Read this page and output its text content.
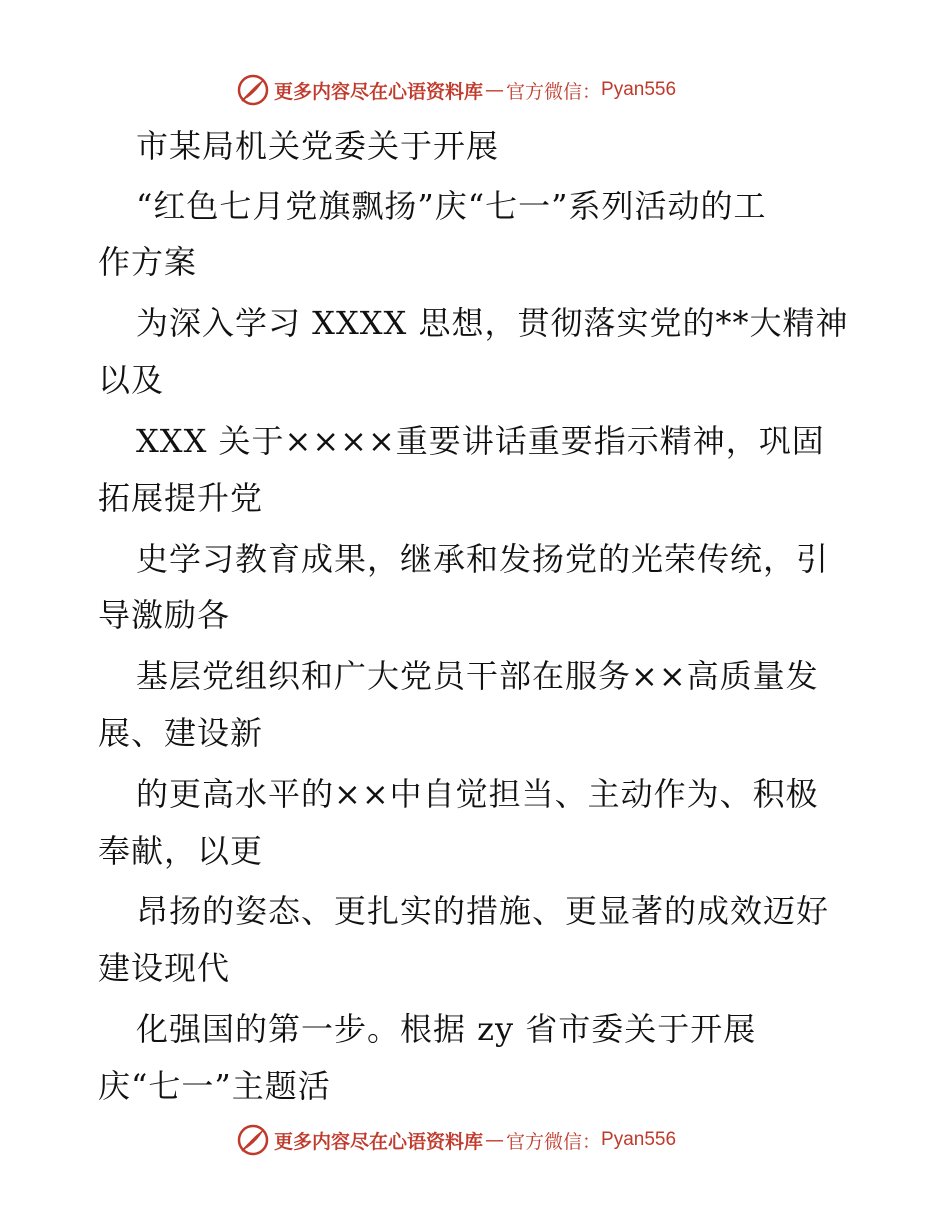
更多内容尽在心语资料库 — 官方微信： Pyan556
市某局机关党委关于开展
“红色七月党旗飘扬”庆“七一”系列活动的工
作方案
为深入学习 XXXX 思想，贯彻落实党的**大精神
以及
XXX 关于××××重要讲话重要指示精神，巩固
拓展提升党
史学习教育成果，继承和发扬党的光荣传统，引
导激励各
基层党组织和广大党员干部在服务××高质量发
展、建设新
的更高水平的××中自觉担当、主动作为、积极
奉献，以更
昂扬的姿态、更扎实的措施、更显著的成效迈好
建设现代
化强国的第一步。根据 zy 省市委关于开展
庆“七一”主题活
更多内容尽在心语资料库 — 官方微信： Pyan556
